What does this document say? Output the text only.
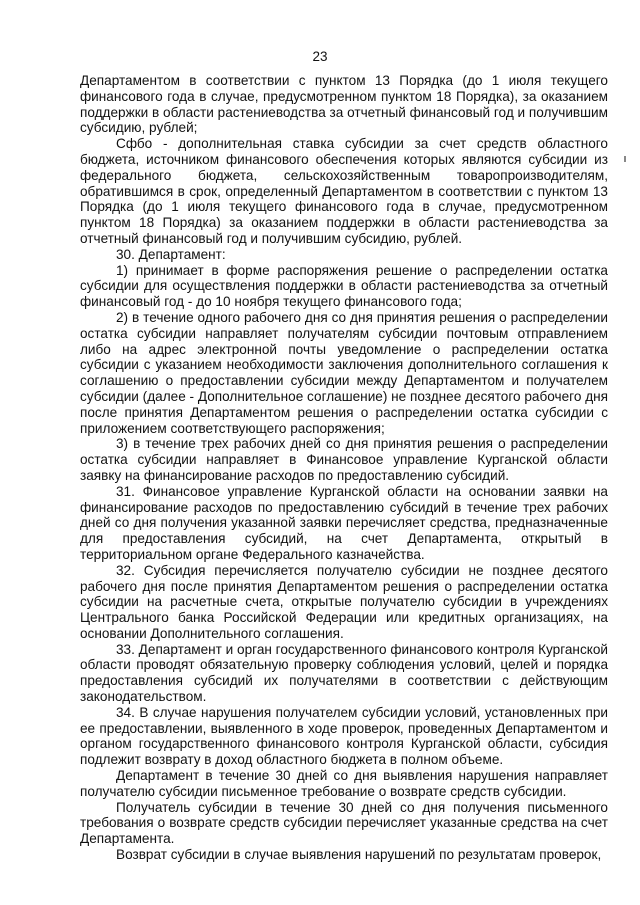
23

Департаментом в соответствии с пунктом 13 Порядка (до 1 июля текущего финансового года в случае, предусмотренном пунктом 18 Порядка), за оказанием поддержки в области растениеводства за отчетный финансовый год и получившим субсидию, рублей;

Сфбо - дополнительная ставка субсидии за счет средств областного бюджета, источником финансового обеспечения которых являются субсидии из федерального бюджета, сельскохозяйственным товаропроизводителям, обратившимся в срок, определенный Департаментом в соответствии с пунктом 13 Порядка (до 1 июля текущего финансового года в случае, предусмотренном пунктом 18 Порядка) за оказанием поддержки в области растениеводства за отчетный финансовый год и получившим субсидию, рублей.

30. Департамент:

1) принимает в форме распоряжения решение о распределении остатка субсидии для осуществления поддержки в области растениеводства за отчетный финансовый год - до 10 ноября текущего финансового года;

2) в течение одного рабочего дня со дня принятия решения о распределении остатка субсидии направляет получателям субсидии почтовым отправлением либо на адрес электронной почты уведомление о распределении остатка субсидии с указанием необходимости заключения дополнительного соглашения к соглашению о предоставлении субсидии между Департаментом и получателем субсидии (далее - Дополнительное соглашение) не позднее десятого рабочего дня после принятия Департаментом решения о распределении остатка субсидии с приложением соответствующего распоряжения;

3) в течение трех рабочих дней со дня принятия решения о распределении остатка субсидии направляет в Финансовое управление Курганской области заявку на финансирование расходов по предоставлению субсидий.

31. Финансовое управление Курганской области на основании заявки на финансирование расходов по предоставлению субсидий в течение трех рабочих дней со дня получения указанной заявки перечисляет средства, предназначенные для предоставления субсидий, на счет Департамента, открытый в территориальном органе Федерального казначейства.

32. Субсидия перечисляется получателю субсидии не позднее десятого рабочего дня после принятия Департаментом решения о распределении остатка субсидии на расчетные счета, открытые получателю субсидии в учреждениях Центрального банка Российской Федерации или кредитных организациях, на основании Дополнительного соглашения.

33. Департамент и орган государственного финансового контроля Курганской области проводят обязательную проверку соблюдения условий, целей и порядка предоставления субсидий их получателями в соответствии с действующим законодательством.

34. В случае нарушения получателем субсидии условий, установленных при ее предоставлении, выявленного в ходе проверок, проведенных Департаментом и органом государственного финансового контроля Курганской области, субсидия подлежит возврату в доход областного бюджета в полном объеме.

Департамент в течение 30 дней со дня выявления нарушения направляет получателю субсидии письменное требование о возврате средств субсидии.

Получатель субсидии в течение 30 дней со дня получения письменного требования о возврате средств субсидии перечисляет указанные средства на счет Департамента.

Возврат субсидии в случае выявления нарушений по результатам проверок,
